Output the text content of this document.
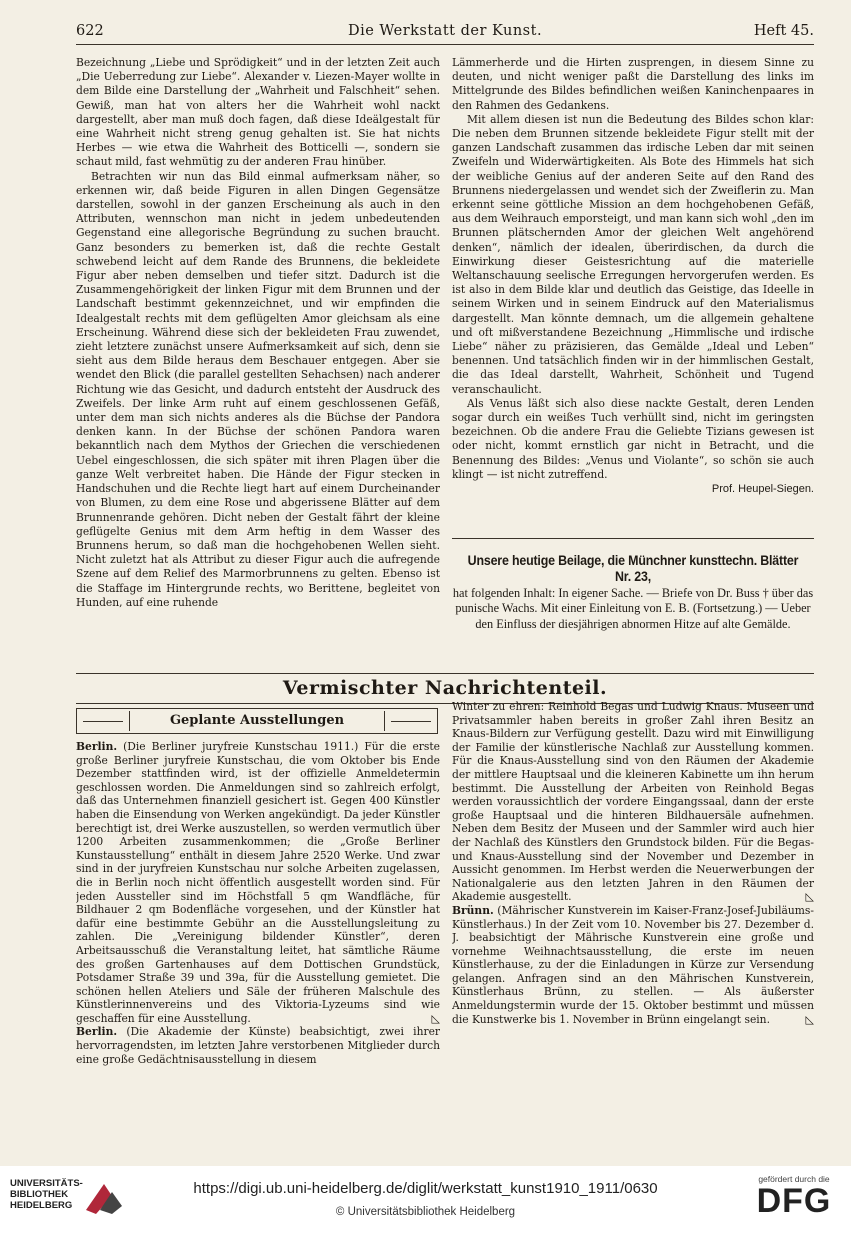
622	Die Werkstatt der Kunst.	Heft 45.

Bezeichnung „Liebe und Sprödigkeit“ und in der letzten Zeit auch „Die Ueberredung zur Liebe“. Alexander v. Liezen-Mayer wollte in dem Bilde eine Darstellung der „Wahrheit und Falschheit“ sehen. Gewiß, man hat von alters her die Wahrheit wohl nackt dargestellt, aber man muß doch fagen, daß diese Ideälgestalt für eine Wahrheit nicht streng genug gehalten ist. Sie hat nichts Herbes — wie etwa die Wahrheit des Botticelli —, sondern sie schaut mild, fast wehmütig zu der anderen Frau hinüber.

Betrachten wir nun das Bild einmal aufmerksam näher, so erkennen wir, daß beide Figuren in allen Dingen Gegensätze darstellen, sowohl in der ganzen Erscheinung als auch in den Attributen, wennschon man nicht in jedem unbedeutenden Gegenstand eine allegorische Begründung zu suchen braucht. Ganz besonders zu bemerken ist, daß die rechte Gestalt schwebend leicht auf dem Rande des Brunnens, die bekleidete Figur aber neben demselben und tiefer sitzt. Dadurch ist die Zusammengehörigkeit der linken Figur mit dem Brunnen und der Landschaft bestimmt gekennzeichnet, und wir empfinden die Idealgestalt rechts mit dem geflügelten Amor gleichsam als eine Erscheinung. Während diese sich der bekleideten Frau zuwendet, zieht letztere zunächst unsere Aufmerksamkeit auf sich, denn sie sieht aus dem Bilde heraus dem Beschauer entgegen. Aber sie wendet den Blick (die parallel gestellten Sehachsen) nach anderer Richtung wie das Gesicht, und dadurch entsteht der Ausdruck des Zweifels. Der linke Arm ruht auf einem geschlossenen Gefäß, unter dem man sich nichts anderes als die Büchse der Pandora denken kann. In der Büchse der schönen Pandora waren bekanntlich nach dem Mythos der Griechen die verschiedenen Uebel eingeschlossen, die sich später mit ihren Plagen über die ganze Welt verbreitet haben. Die Hände der Figur stecken in Handschuhen und die Rechte liegt hart auf einem Durcheinander von Blumen, zu dem eine Rose und abgerissene Blätter auf dem Brunnenrande gehören. Dicht neben der Gestalt fährt der kleine geflügelte Genius mit dem Arm heftig in dem Wasser des Brunnens herum, so daß man die hochgehobenen Wellen sieht. Nicht zuletzt hat als Attribut zu dieser Figur auch die aufregende Szene auf dem Relief des Marmorbrunnens zu gelten. Ebenso ist die Staffage im Hintergrunde rechts, wo Berittene, begleitet von Hunden, auf eine ruhende

Lämmerherde und die Hirten zusprengen, in diesem Sinne zu deuten, und nicht weniger paßt die Darstellung des links im Mittelgrunde des Bildes befindlichen weißen Kaninchenpaares in den Rahmen des Gedankens.

Mit allem diesen ist nun die Bedeutung des Bildes schon klar: Die neben dem Brunnen sitzende bekleidete Figur stellt mit der ganzen Landschaft zusammen das irdische Leben dar mit seinen Zweifeln und Widerwärtigkeiten. Als Bote des Himmels hat sich der weibliche Genius auf der anderen Seite auf den Rand des Brunnens niedergelassen und wendet sich der Zweiflerin zu. Man erkennt seine göttliche Mission an dem hochgehobenen Gefäß, aus dem Weihrauch emporsteigt, und man kann sich wohl „den im Brunnen plätschernden Amor der gleichen Welt angehörend denken“, nämlich der idealen, überirdischen, da durch die Einwirkung dieser Geistesrichtung auf die materielle Weltanschauung seelische Erregungen hervorgerufen werden. Es ist also in dem Bilde klar und deutlich das Geistige, das Ideelle in seinem Wirken und in seinem Eindruck auf den Materialismus dargestellt. Man könnte demnach, um die allgemein gehaltene und oft mißverstandene Bezeichnung „Himmlische und irdische Liebe“ näher zu präzisieren, das Gemälde „Ideal und Leben“ benennen. Und tatsächlich finden wir in der himmlischen Gestalt, die das Ideal darstellt, Wahrheit, Schönheit und Tugend veranschaulicht.

Als Venus läßt sich also diese nackte Gestalt, deren Lenden sogar durch ein weißes Tuch verhüllt sind, nicht im geringsten bezeichnen. Ob die andere Frau die Geliebte Tizians gewesen ist oder nicht, kommt ernstlich gar nicht in Betracht, und die Benennung des Bildes: „Venus und Violante“, so schön sie auch klingt — ist nicht zutreffend.

Prof. Heupel-Siegen.
Unsere heutige Beilage, die Münchner kunsttechn. Blätter Nr. 23,
hat folgenden Inhalt: In eigener Sache. — Briefe von Dr. Buss † über das punische Wachs. Mit einer Einleitung von E. B. (Fortsetzung.) — Ueber den Einfluss der diesjährigen abnormen Hitze auf alte Gemälde.
Vermischter Nachrichtenteil.
Geplante Ausstellungen

Berlin. (Die Berliner juryfreie Kunstschau 1911.) Für die erste große Berliner juryfreie Kunstschau, die vom Oktober bis Ende Dezember stattfinden wird, ist der offizielle Anmeldetermin geschlossen worden. Die Anmeldungen sind so zahlreich erfolgt, daß das Unternehmen finanziell gesichert ist. Gegen 400 Künstler haben die Einsendung von Werken angekündigt. Da jeder Künstler berechtigt ist, drei Werke auszustellen, so werden vermutlich über 1200 Arbeiten zusammenkommen; die „Große Berliner Kunstausstellung“ enthält in diesem Jahre 2520 Werke. Und zwar sind in der juryfreien Kunstschau nur solche Arbeiten zugelassen, die in Berlin noch nicht öffentlich ausgestellt worden sind. Für jeden Aussteller sind im Höchstfall 5 qm Wandfläche, für Bildhauer 2 qm Bodenfläche vorgesehen, und der Künstler hat dafür eine bestimmte Gebühr an die Ausstellungsleitung zu zahlen. Die „Vereinigung bildender Künstler“, deren Arbeitsausschuß die Veranstaltung leitet, hat sämtliche Räume des großen Gartenhauses auf dem Dottischen Grundstück, Potsdamer Straße 39 und 39a, für die Ausstellung gemietet. Die schönen hellen Ateliers und Säle der früheren Malschule des Künstlerinnenvereins und des Viktoria-Lyzeums sind wie geschaffen für eine Ausstellung.	◺

Berlin. (Die Akademie der Künste) beabsichtigt, zwei ihrer hervorragendsten, im letzten Jahre verstorbenen Mitglieder durch eine große Gedächtnisausstellung in diesem

Winter zu ehren: Reinhold Begas und Ludwig Knaus. Museen und Privatsammler haben bereits in großer Zahl ihren Besitz an Knaus-Bildern zur Verfügung gestellt. Dazu wird mit Einwilligung der Familie der künstlerische Nachlaß zur Ausstellung kommen. Für die Knaus-Ausstellung sind von den Räumen der Akademie der mittlere Hauptsaal und die kleineren Kabinette um ihn herum bestimmt. Die Ausstellung der Arbeiten von Reinhold Begas werden voraussichtlich der vordere Eingangssaal, dann der erste große Hauptsaal und die hinteren Bildhauersäle aufnehmen. Neben dem Besitz der Museen und der Sammler wird auch hier der Nachlaß des Künstlers den Grundstock bilden. Für die Begas- und Knaus-Ausstellung sind der November und Dezember in Aussicht genommen. Im Herbst werden die Neuerwerbungen der Nationalgalerie aus den letzten Jahren in den Räumen der Akademie ausgestellt.	◺

Brünn. (Mährischer Kunstverein im Kaiser-Franz-Josef-Jubiläums-Künstlerhaus.) In der Zeit vom 10. November bis 27. Dezember d. J. beabsichtigt der Mährische Kunstverein eine große und vornehme Weihnachtsausstellung, die erste im neuen Künstlerhause, zu der die Einladungen in Kürze zur Versendung gelangen. Anfragen sind an den Mährischen Kunstverein, Künstlerhaus Brünn, zu stellen. — Als äußerster Anmeldungstermin wurde der 15. Oktober bestimmt und müssen die Kunstwerke bis 1. November in Brünn eingelangt sein.	◺

UNIVERSITÄTS-BIBLIOTHEK HEIDELBERG
https://digi.ub.uni-heidelberg.de/diglit/werkstatt_kunst1910_1911/0630
© Universitätsbibliothek Heidelberg
gefördert durch die
DFG
